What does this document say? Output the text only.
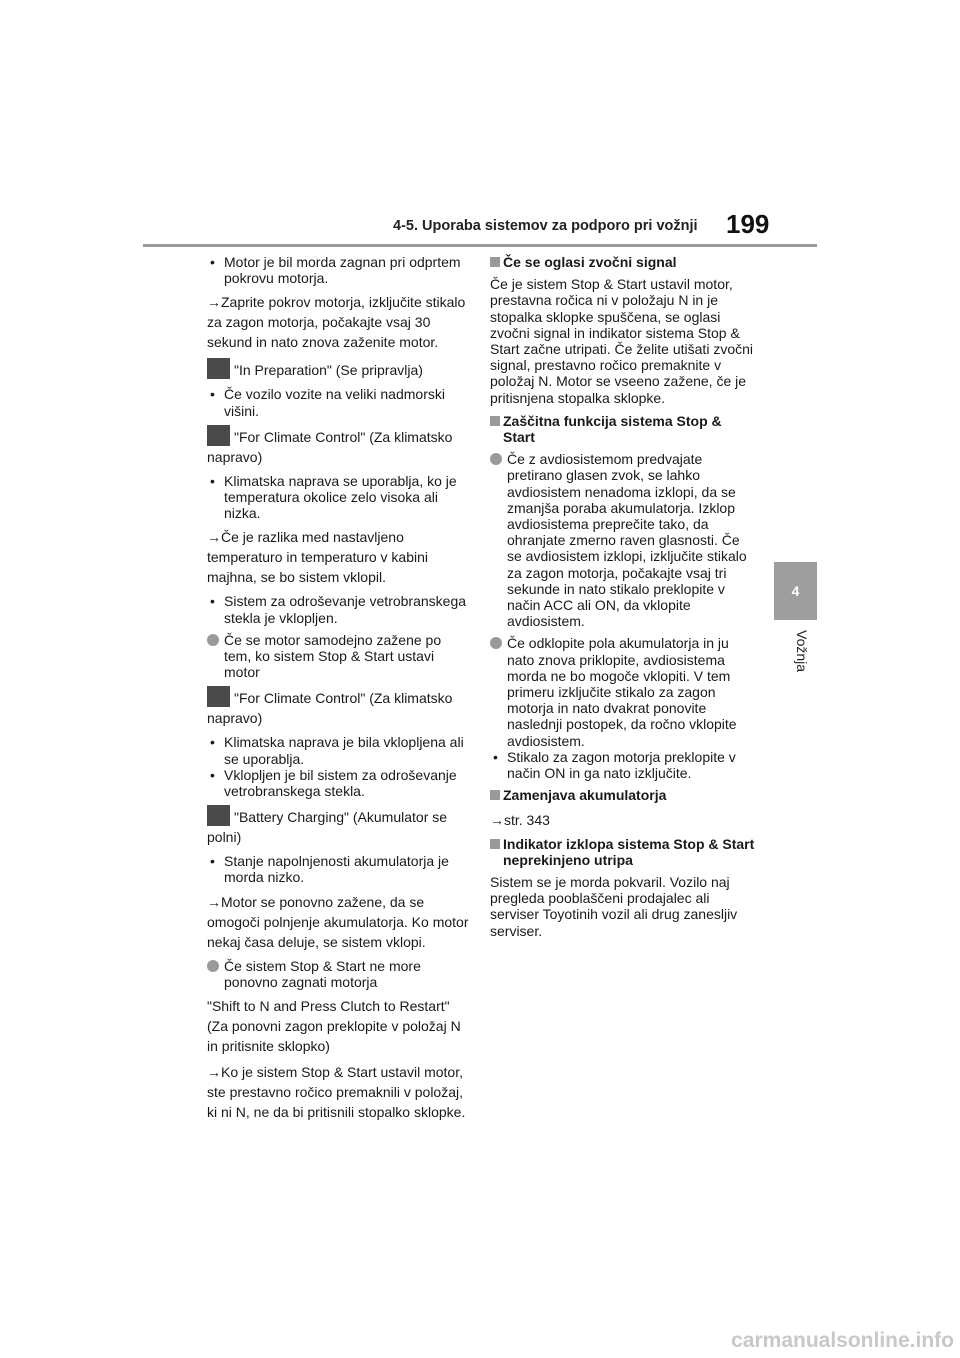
4-5. Uporaba sistemov za podporo pri vožnji 199
4
Vožnja
• Motor je bil morda zagnan pri odprtem pokrovu motorja.
→Zaprite pokrov motorja, izključite stikalo za zagon motorja, počakajte vsaj 30 sekund in nato znova zaženite motor.
"In Preparation" (Se pripravlja)
• Če vozilo vozite na veliki nadmorski višini.
"For Climate Control" (Za klimatsko napravo)
• Klimatska naprava se uporablja, ko je temperatura okolice zelo visoka ali nizka.
→Če je razlika med nastavljeno temperaturo in temperaturo v kabini majhna, se bo sistem vklopil.
• Sistem za odroševanje vetrobranskega stekla je vklopljen.
Če se motor samodejno zažene po tem, ko sistem Stop & Start ustavi motor
"For Climate Control" (Za klimatsko napravo)
• Klimatska naprava je bila vklopljena ali se uporablja.
• Vklopljen je bil sistem za odroševanje vetrobranskega stekla.
"Battery Charging" (Akumulator se polni)
• Stanje napolnjenosti akumulatorja je morda nizko.
→Motor se ponovno zažene, da se omogoči polnjenje akumulatorja. Ko motor nekaj časa deluje, se sistem vklopi.
Če sistem Stop & Start ne more ponovno zagnati motorja
"Shift to N and Press Clutch to Restart" (Za ponovni zagon preklopite v položaj N in pritisnite sklopko)
→Ko je sistem Stop & Start ustavil motor, ste prestavno ročico premaknili v položaj, ki ni N, ne da bi pritisnili stopalko sklopke.
Če se oglasi zvočni signal
Če je sistem Stop & Start ustavil motor, prestavna ročica ni v položaju N in je stopalka sklopke spuščena, se oglasi zvočni signal in indikator sistema Stop & Start začne utripati. Če želite utišati zvočni signal, prestavno ročico premaknite v položaj N. Motor se vseeno zažene, če je pritisnjena stopalka sklopke.
Zaščitna funkcija sistema Stop & Start
Če z avdiosistemom predvajate pretirano glasen zvok, se lahko avdiosistem nenadoma izklopi, da se zmanjša poraba akumulatorja. Izklop avdiosistema preprečite tako, da ohranjate zmerno raven glasnosti. Če se avdiosistem izklopi, izključite stikalo za zagon motorja, počakajte vsaj tri sekunde in nato stikalo preklopite v način ACC ali ON, da vklopite avdiosistem.
Če odklopite pola akumulatorja in ju nato znova priklopite, avdiosistema morda ne bo mogoče vklopiti. V tem primeru izključite stikalo za zagon motorja in nato dvakrat ponovite naslednji postopek, da ročno vklopite avdiosistem.
• Stikalo za zagon motorja preklopite v način ON in ga nato izključite.
Zamenjava akumulatorja
→str. 343
Indikator izklopa sistema Stop & Start neprekinjeno utripa
Sistem se je morda pokvaril. Vozilo naj pregleda pooblaščeni prodajalec ali serviser Toyotinih vozil ali drug zanesljiv serviser.
carmanualsonline.info
